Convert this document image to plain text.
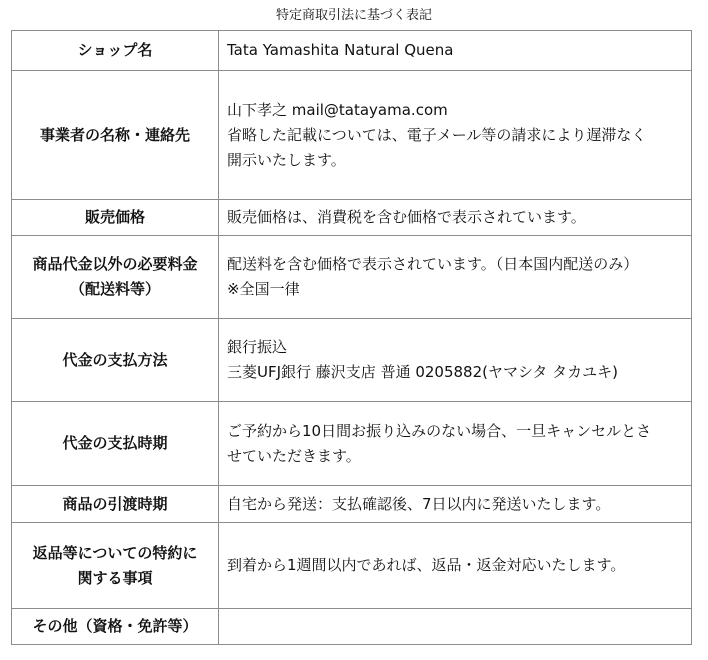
特定商取引法に基づく表記
ショップ名	Tata Yamashita Natural Quena

事業者の名称・連絡先	山下孝之 mail@tatayama.com
省略した記載については、電子メール等の請求により遅滞なく
開示いたします。

販売価格	販売価格は、消費税を含む価格で表示されています。

商品代金以外の必要料金
（配送料等）	配送料を含む価格で表示されています。（日本国内配送のみ）
※全国一律

代金の支払方法	銀行振込
三菱UFJ銀行 藤沢支店 普通 0205882(ヤマシタ タカユキ)

代金の支払時期	ご予約から10日間お振り込みのない場合、一旦キャンセルとさ
せていただきます。

商品の引渡時期	自宅から発送：支払確認後、7日以内に発送いたします。

返品等についての特約に
関する事項	到着から1週間以内であれば、返品・返金対応いたします。

その他（資格・免許等）	
